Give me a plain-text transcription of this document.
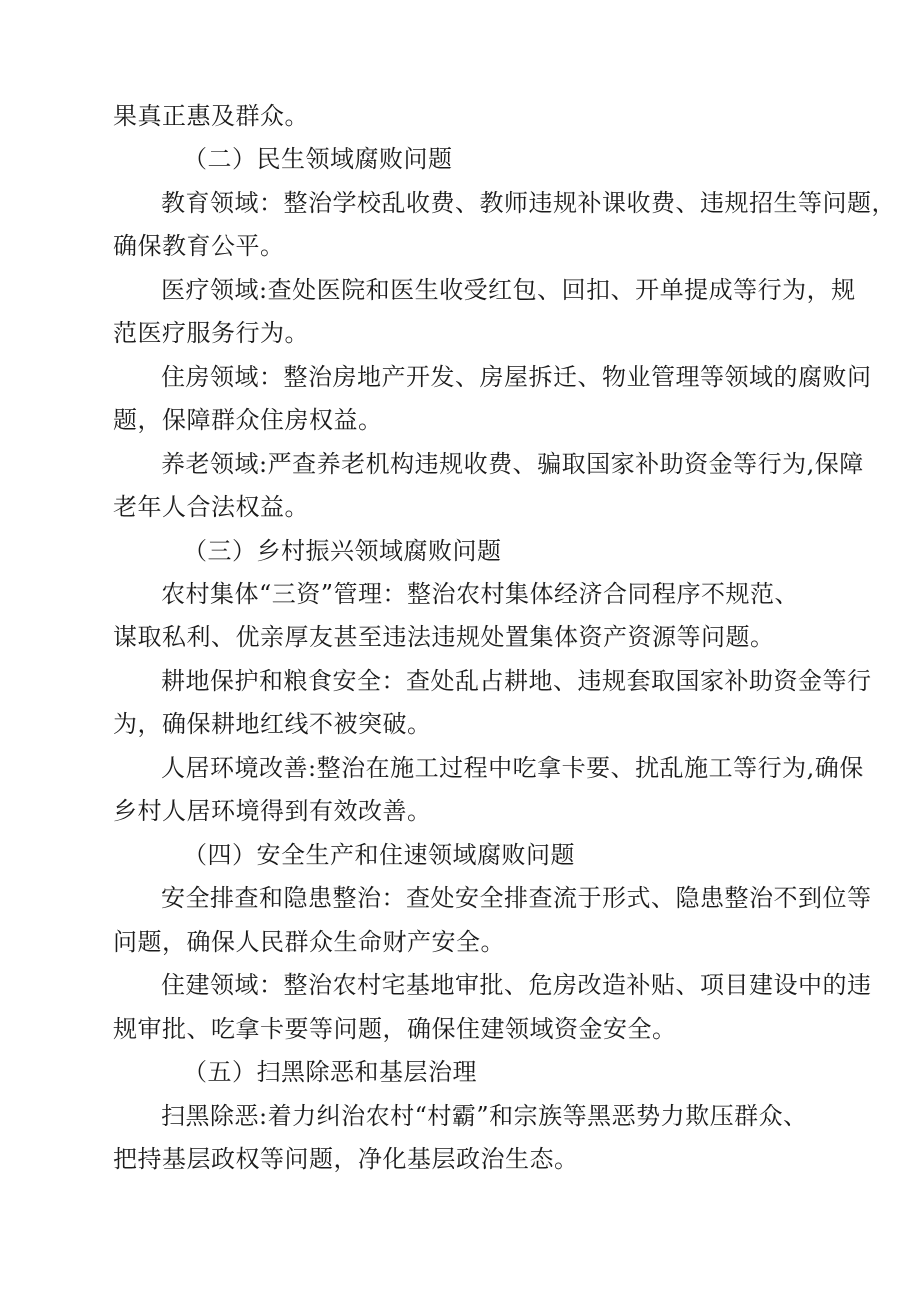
果真正惠及群众。
（二）民生领域腐败问题
教育领域：整治学校乱收费、教师违规补课收费、违规招生等问题，
确保教育公平。
医疗领域:查处医院和医生收受红包、回扣、开单提成等行为，规
范医疗服务行为。
住房领域：整治房地产开发、房屋拆迁、物业管理等领域的腐败问
题，保障群众住房权益。
养老领域:严查养老机构违规收费、骗取国家补助资金等行为,保障
老年人合法权益。
（三）乡村振兴领域腐败问题
农村集体“三资”管理：整治农村集体经济合同程序不规范、
谋取私利、优亲厚友甚至违法违规处置集体资产资源等问题。
耕地保护和粮食安全：查处乱占耕地、违规套取国家补助资金等行
为，确保耕地红线不被突破。
人居环境改善:整治在施工过程中吃拿卡要、扰乱施工等行为,确保
乡村人居环境得到有效改善。
（四）安全生产和住速领域腐败问题
安全排查和隐患整治：查处安全排查流于形式、隐患整治不到位等
问题，确保人民群众生命财产安全。
住建领域：整治农村宅基地审批、危房改造补贴、项目建设中的违
规审批、吃拿卡要等问题，确保住建领域资金安全。
（五）扫黑除恶和基层治理
扫黑除恶:着力纠治农村“村霸”和宗族等黑恶势力欺压群众、
把持基层政权等问题，净化基层政治生态。
